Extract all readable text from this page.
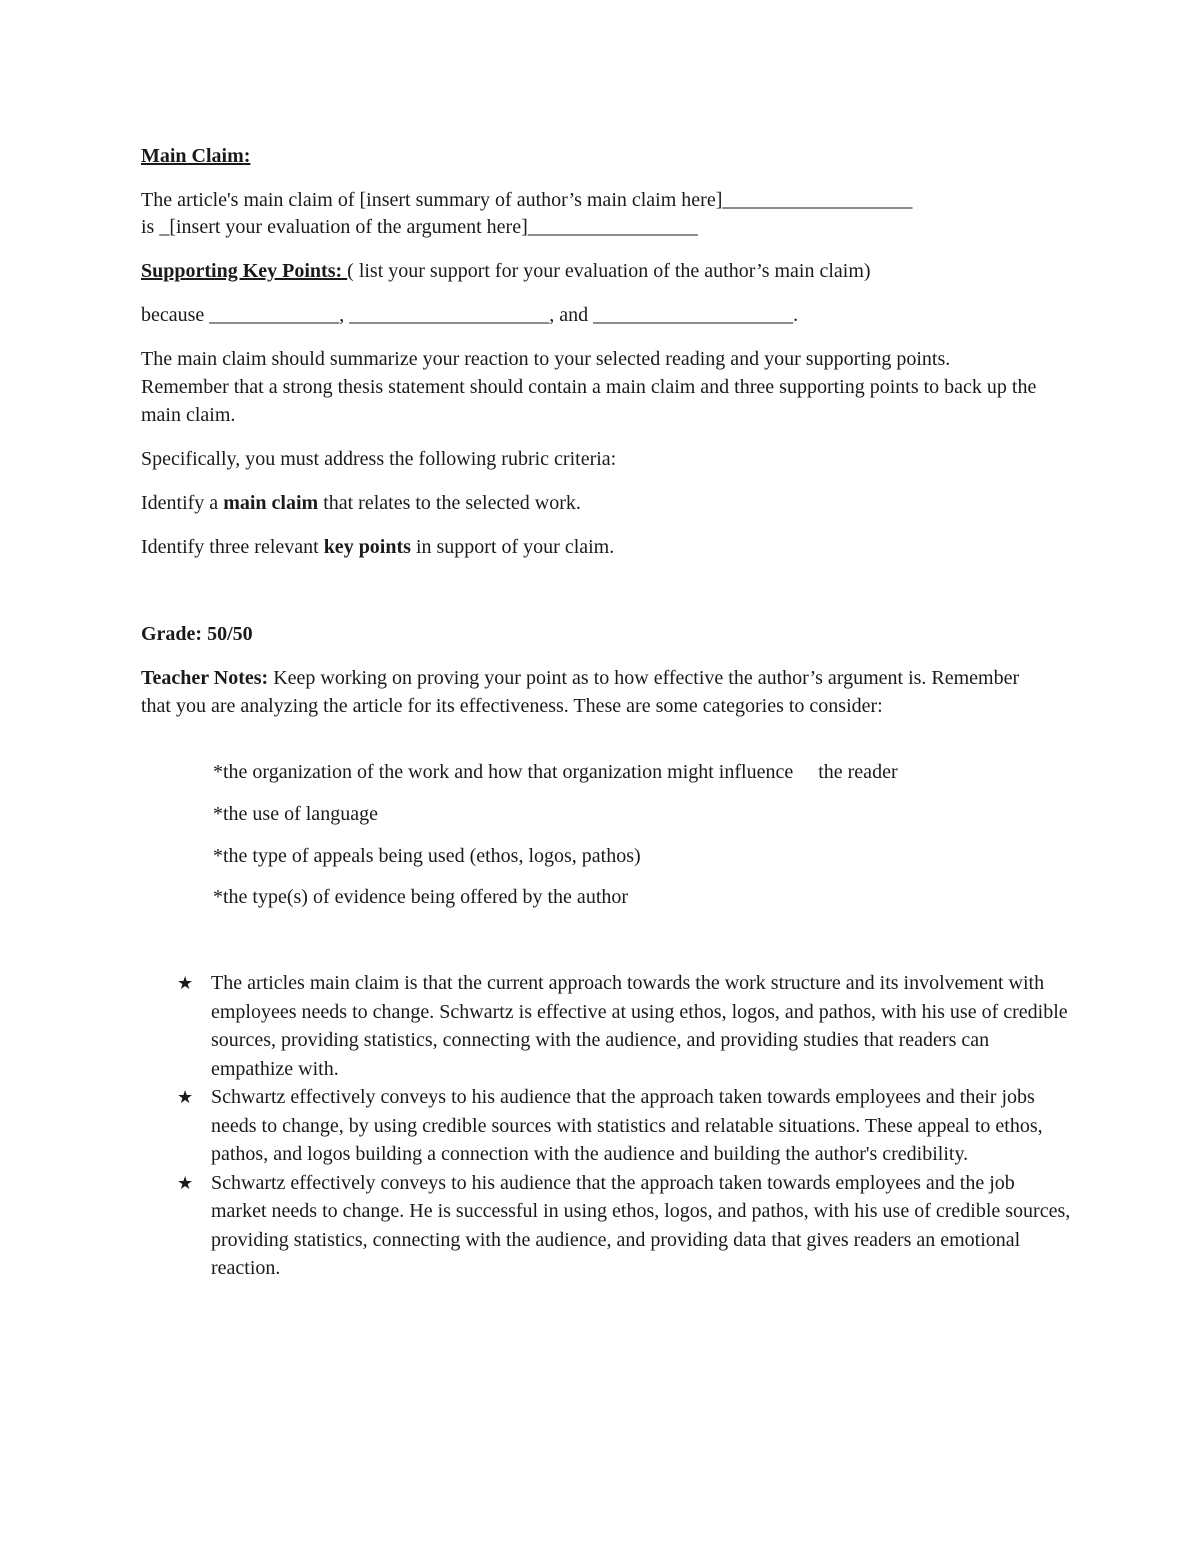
Main Claim:
The article's main claim of [insert summary of author’s main claim here]___________________
is _[insert your evaluation of the argument here]_________________
Supporting Key Points: ( list your support for your evaluation of the author’s main claim)
because _____________, ____________________, and ____________________.
The main claim should summarize your reaction to your selected reading and your supporting points. Remember that a strong thesis statement should contain a main claim and three supporting points to back up the main claim.
Specifically, you must address the following rubric criteria:
Identify a main claim that relates to the selected work.
Identify three relevant key points in support of your claim.
Grade: 50/50
Teacher Notes: Keep working on proving your point as to how effective the author’s argument is. Remember that you are analyzing the article for its effectiveness. These are some categories to consider:
*the organization of the work and how that organization might influence     the reader
*the use of language
*the type of appeals being used (ethos, logos, pathos)
*the type(s) of evidence being offered by the author
★ The articles main claim is that the current approach towards the work structure and its involvement with employees needs to change. Schwartz is effective at using ethos, logos, and pathos, with his use of credible sources, providing statistics, connecting with the audience, and providing studies that readers can empathize with.
★ Schwartz effectively conveys to his audience that the approach taken towards employees and their jobs needs to change, by using credible sources with statistics and relatable situations. These appeal to ethos, pathos, and logos building a connection with the audience and building the author's credibility.
★ Schwartz effectively conveys to his audience that the approach taken towards employees and the job market needs to change. He is successful in using ethos, logos, and pathos, with his use of credible sources, providing statistics, connecting with the audience, and providing data that gives readers an emotional reaction.
